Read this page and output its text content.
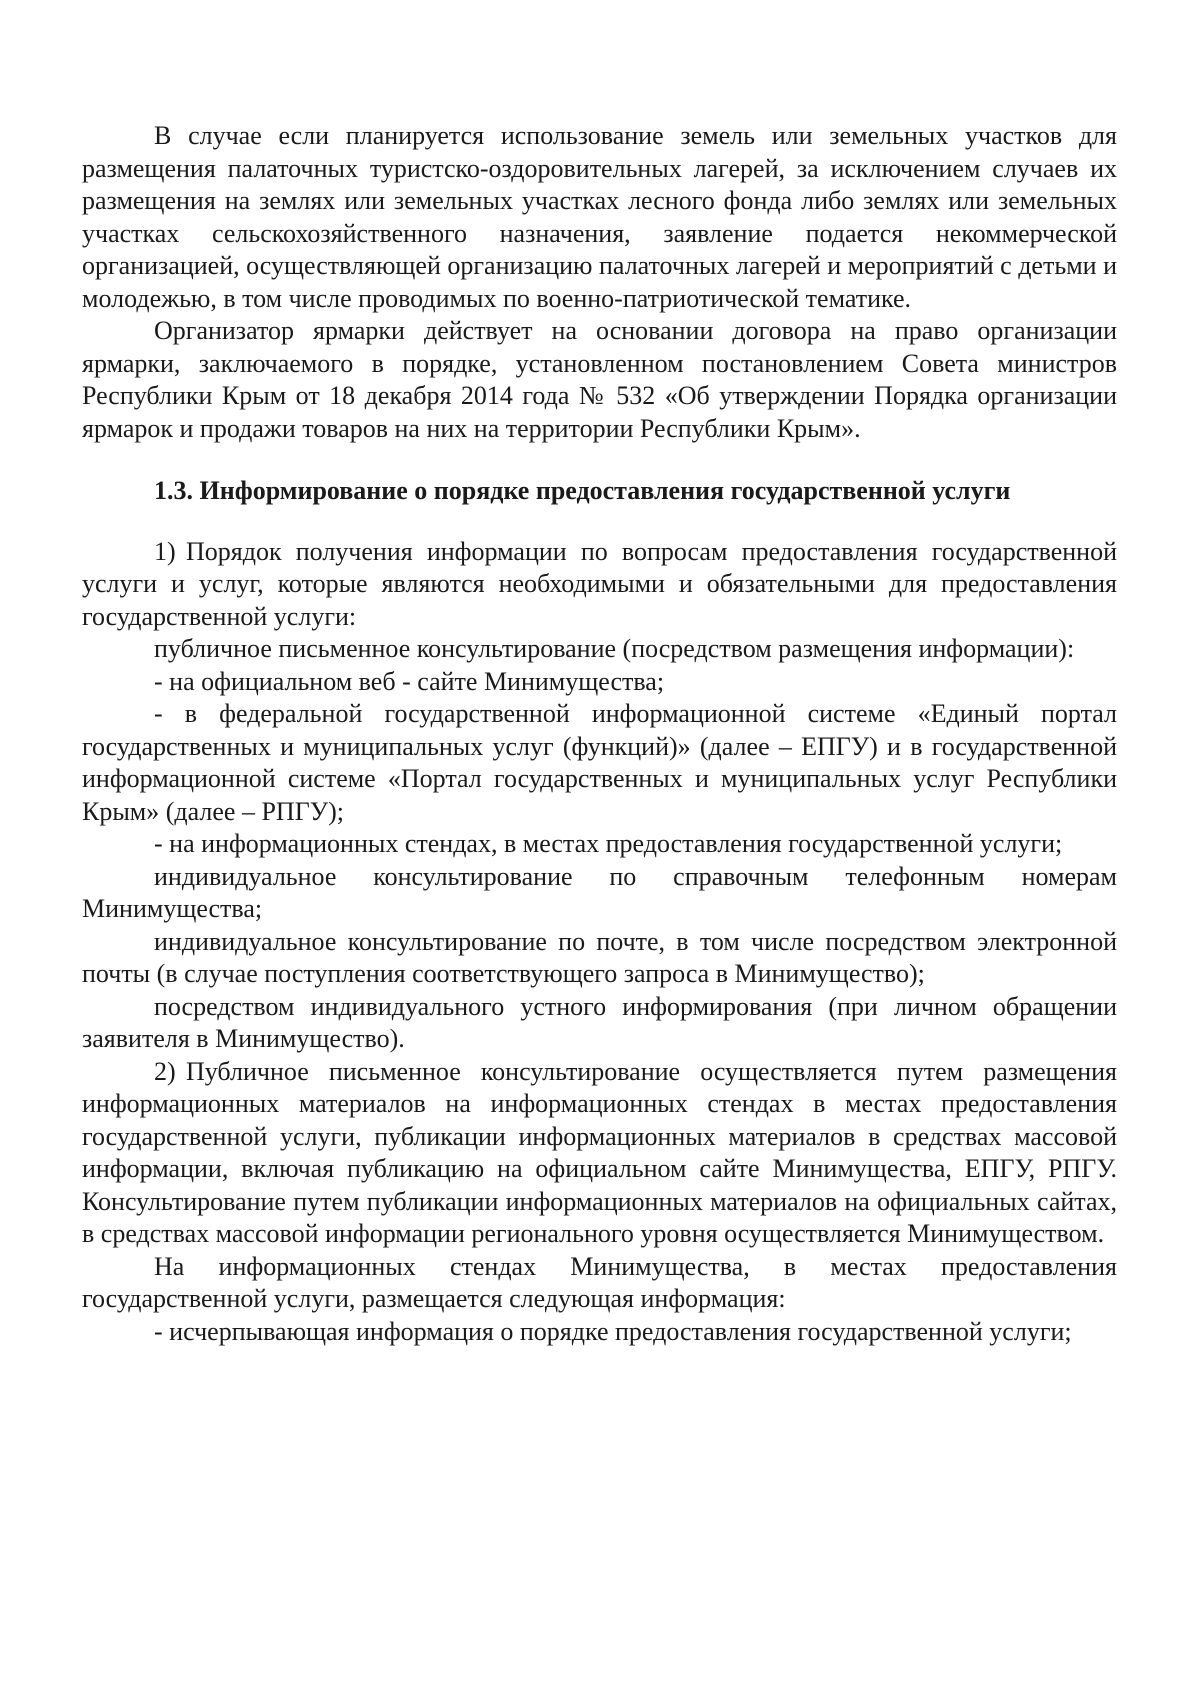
В случае если планируется использование земель или земельных участков для размещения палаточных туристско-оздоровительных лагерей, за исключением случаев их размещения на землях или земельных участках лесного фонда либо землях или земельных участках сельскохозяйственного назначения, заявление подается некоммерческой организацией, осуществляющей организацию палаточных лагерей и мероприятий с детьми и молодежью, в том числе проводимых по военно-патриотической тематике.

Организатор ярмарки действует на основании договора на право организации ярмарки, заключаемого в порядке, установленном постановлением Совета министров Республики Крым от 18 декабря 2014 года № 532 «Об утверждении Порядка организации ярмарок и продажи товаров на них на территории Республики Крым».

1.3. Информирование о порядке предоставления государственной услуги

1) Порядок получения информации по вопросам предоставления государственной услуги и услуг, которые являются необходимыми и обязательными для предоставления государственной услуги:

публичное письменное консультирование (посредством размещения информации):

- на официальном веб - сайте Минимущества;

- в федеральной государственной информационной системе «Единый портал государственных и муниципальных услуг (функций)» (далее – ЕПГУ) и в государственной информационной системе «Портал государственных и муниципальных услуг Республики Крым» (далее – РПГУ);

- на информационных стендах, в местах предоставления государственной услуги;

индивидуальное консультирование по справочным телефонным номерам Минимущества;

индивидуальное консультирование по почте, в том числе посредством электронной почты (в случае поступления соответствующего запроса в Минимущество);

посредством индивидуального устного информирования (при личном обращении заявителя в Минимущество).

2) Публичное письменное консультирование осуществляется путем размещения информационных материалов на информационных стендах в местах предоставления государственной услуги, публикации информационных материалов в средствах массовой информации, включая публикацию на официальном сайте Минимущества, ЕПГУ, РПГУ. Консультирование путем публикации информационных материалов на официальных сайтах, в средствах массовой информации регионального уровня осуществляется Минимуществом.

На информационных стендах Минимущества, в местах предоставления государственной услуги, размещается следующая информация:

- исчерпывающая информация о порядке предоставления государственной услуги;
